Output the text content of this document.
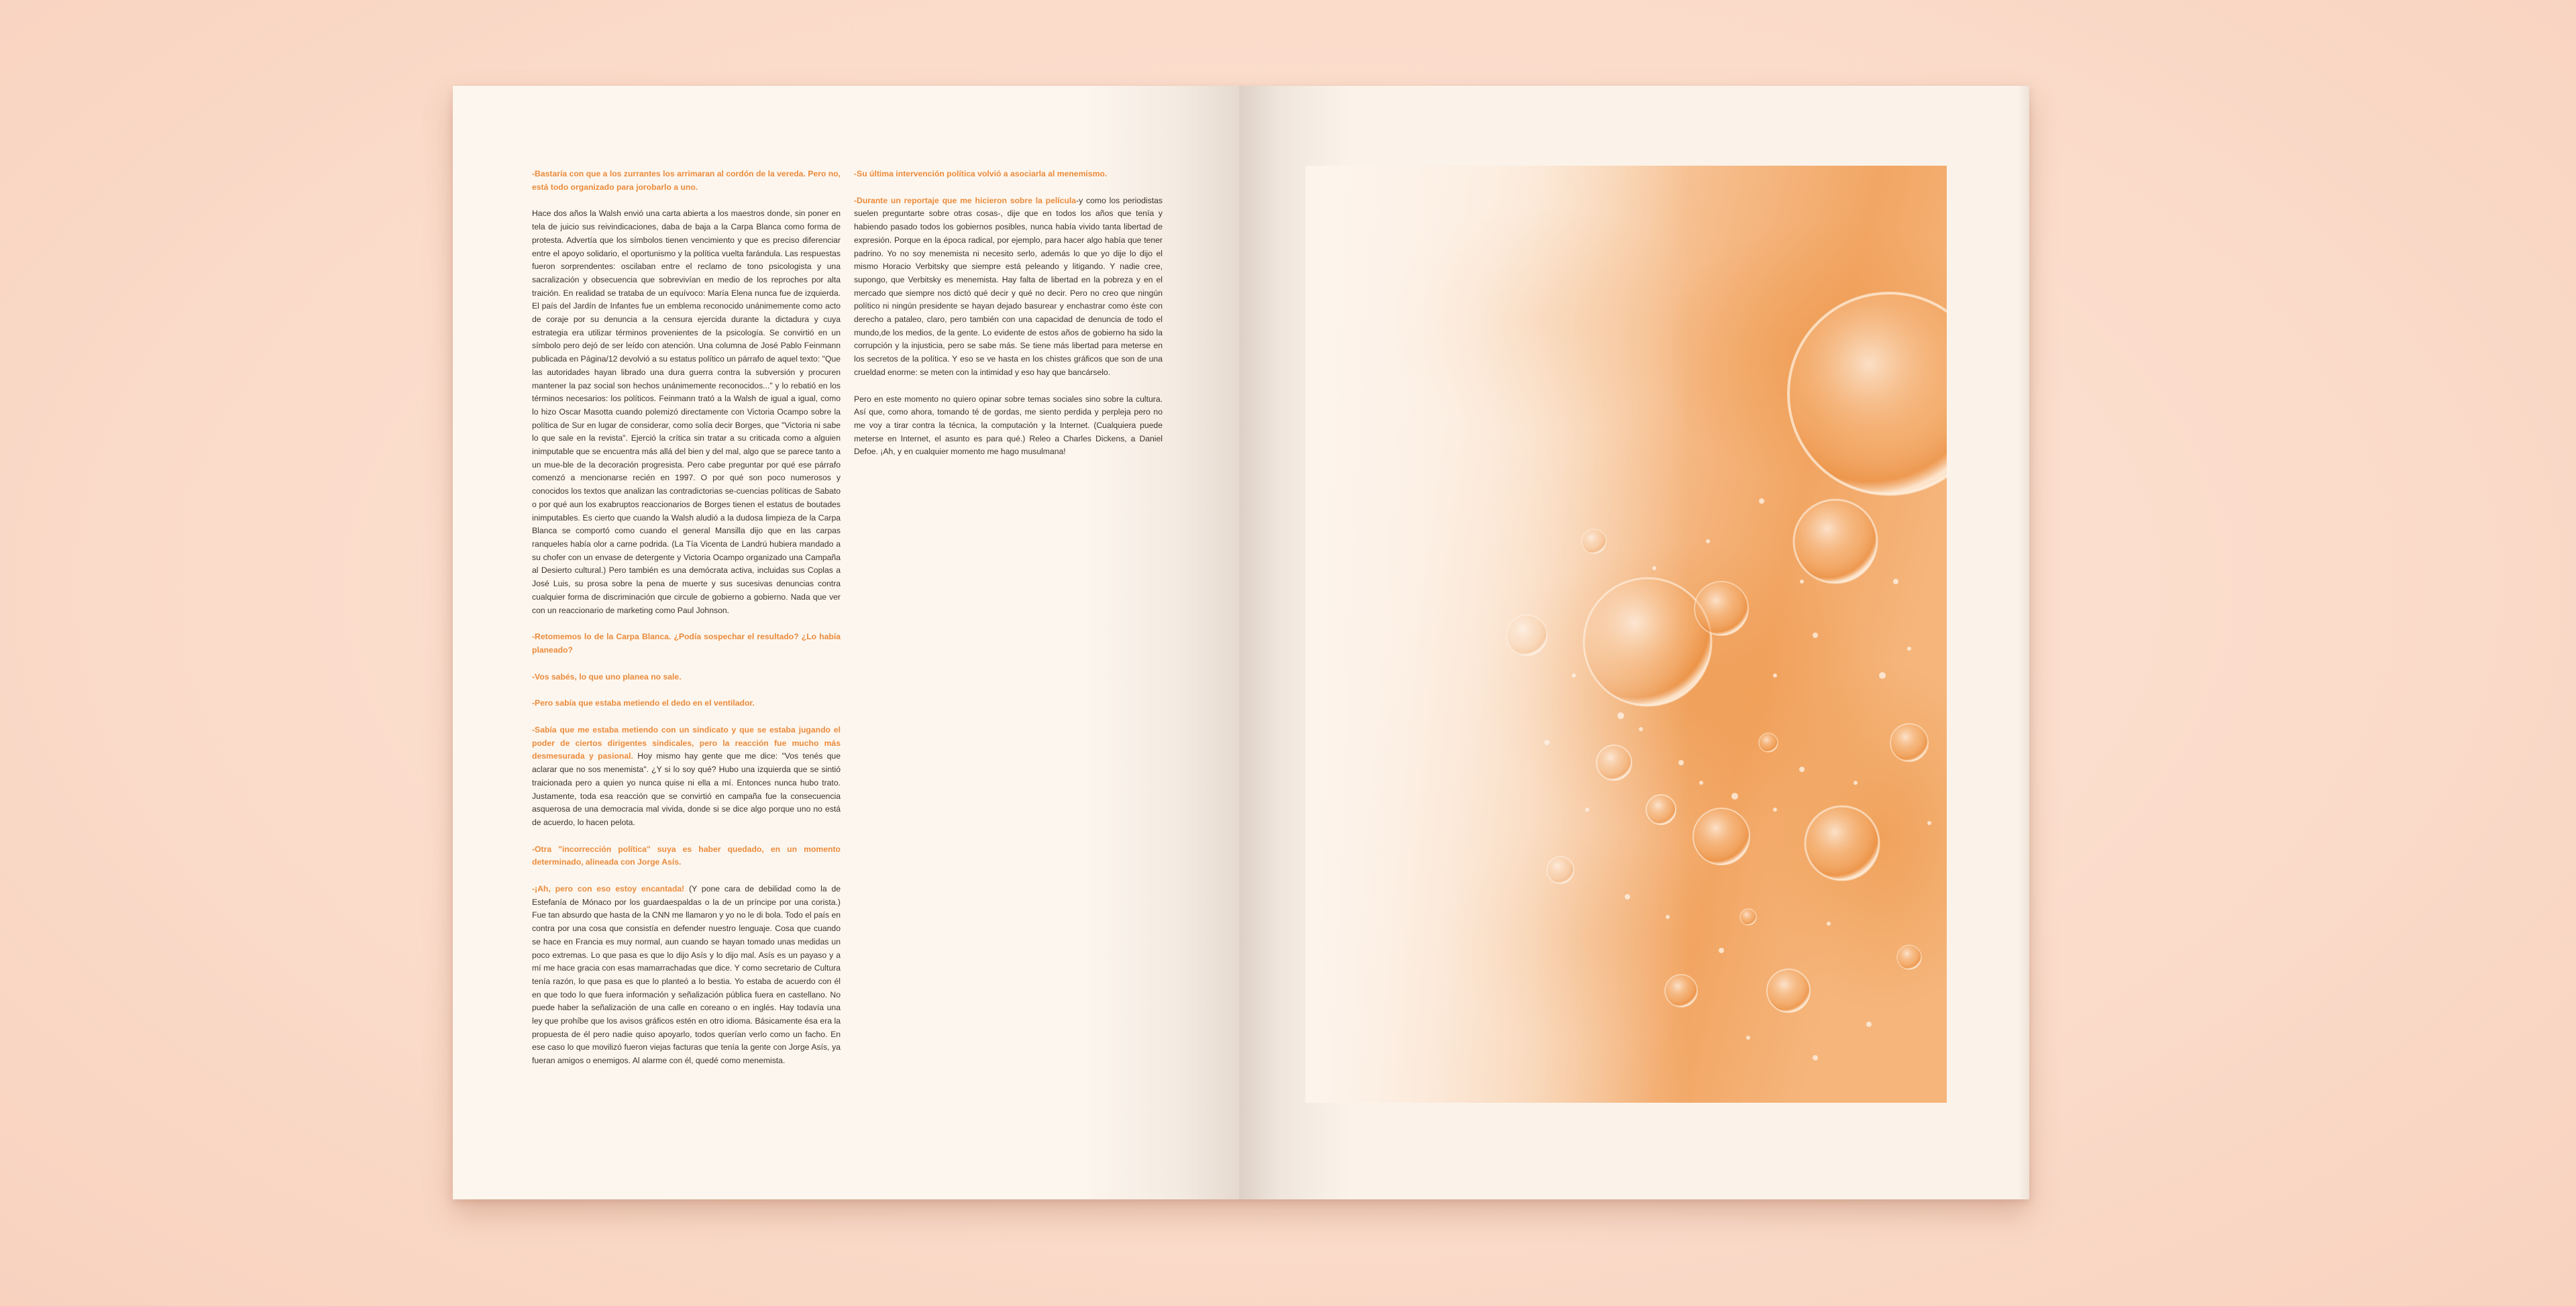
-Bastaría con que a los zurrantes los arrimaran al cordón de la vereda. Pero no, está todo organizado para jorobarlo a uno.

Hace dos años la Walsh envió una carta abierta a los maestros donde, sin poner en tela de juicio sus reivindicaciones, daba de baja a la Carpa Blanca como forma de protesta. Advertía que los símbolos tienen vencimiento y que es preciso diferenciar entre el apoyo solidario, el oportunismo y la política vuelta farándula. Las respuestas fueron sorprendentes: oscilaban entre el reclamo de tono psicologista y una sacralización y obsecuencia que sobrevivían en medio de los reproches por alta traición. En realidad se trataba de un equívoco: María Elena nunca fue de izquierda. El país del Jardín de Infantes fue un emblema reconocido unánimemente como acto de coraje por su denuncia a la censura ejercida durante la dictadura y cuya estrategia era utilizar términos provenientes de la psicología. Se convirtió en un símbolo pero dejó de ser leído con atención. Una columna de José Pablo Feinmann publicada en Página/12 devolvió a su estatus político un párrafo de aquel texto: "Que las autoridades hayan librado una dura guerra contra la subversión y procuren mantener la paz social son hechos unánimemente reconocidos..." y lo rebatió en los términos necesarios: los políticos. Feinmann trató a la Walsh de igual a igual, como lo hizo Oscar Masotta cuando polemizó directamente con Victoria Ocampo sobre la política de Sur en lugar de considerar, como solía decir Borges, que "Victoria ni sabe lo que sale en la revista". Ejerció la crítica sin tratar a su criticada como a alguien inimputable que se encuentra más allá del bien y del mal, algo que se parece tanto a un mue-ble de la decoración progresista. Pero cabe preguntar por qué ese párrafo comenzó a mencionarse recién en 1997. O por qué son poco numerosos y conocidos los textos que analizan las contradictorias se-cuencias políticas de Sabato o por qué aun los exabruptos reaccionarios de Borges tienen el estatus de boutades inimputables. Es cierto que cuando la Walsh aludió a la dudosa limpieza de la Carpa Blanca se comportó como cuando el general Mansilla dijo que en las carpas ranqueles había olor a carne podrida. (La Tía Vicenta de Landrú hubiera mandado a su chofer con un envase de detergente y Victoria Ocampo organizado una Campaña al Desierto cultural.) Pero también es una demócrata activa, incluidas sus Coplas a José Luis, su prosa sobre la pena de muerte y sus sucesivas denuncias contra cualquier forma de discriminación que circule de gobierno a gobierno. Nada que ver con un reaccionario de marketing como Paul Johnson.

-Retomemos lo de la Carpa Blanca. ¿Podía sospechar el resultado? ¿Lo había planeado?

-Vos sabés, lo que uno planea no sale.

-Pero sabía que estaba metiendo el dedo en el ventilador.

-Sabía que me estaba metiendo con un sindicato y que se estaba jugando el poder de ciertos dirigentes sindicales, pero la reacción fue mucho más desmesurada y pasional. Hoy mismo hay gente que me dice: "Vos tenés que aclarar que no sos menemista". ¿Y si lo soy qué? Hubo una izquierda que se sintió traicionada pero a quien yo nunca quise ni ella a mí. Entonces nunca hubo trato. Justamente, toda esa reacción que se convirtió en campaña fue la consecuencia asquerosa de una democracia mal vivida, donde si se dice algo porque uno no está de acuerdo, lo hacen pelota.

-Otra "incorrección política" suya es haber quedado, en un momento determinado, alineada con Jorge Asís.

-¡Ah, pero con eso estoy encantada! (Y pone cara de debilidad como la de Estefanía de Mónaco por los guardaespaldas o la de un príncipe por una corista.) Fue tan absurdo que hasta de la CNN me llamaron y yo no le di bola. Todo el país en contra por una cosa que consistía en defender nuestro lenguaje. Cosa que cuando se hace en Francia es muy normal, aun cuando se hayan tomado unas medidas un poco extremas. Lo que pasa es que lo dijo Asís y lo dijo mal. Asís es un payaso y a mí me hace gracia con esas mamarrachadas que dice. Y como secretario de Cultura tenía razón, lo que pasa es que lo planteó a lo bestia. Yo estaba de acuerdo con él en que todo lo que fuera información y señalización pública fuera en castellano. No puede haber la señalización de una calle en coreano o en inglés. Hay todavía una ley que prohíbe que los avisos gráficos estén en otro idioma. Básicamente ésa era la propuesta de él pero nadie quiso apoyarlo, todos querían verlo como un facho. En ese caso lo que movilizó fueron viejas facturas que tenía la gente con Jorge Asís, ya fueran amigos o enemigos. Al alarme con él, quedé como menemista.

-Su última intervención política volvió a asociarla al menemismo.

-Durante un reportaje que me hicieron sobre la película-y como los periodistas suelen preguntarte sobre otras cosas-, dije que en todos los años que tenía y habiendo pasado todos los gobiernos posibles, nunca había vivido tanta libertad de expresión. Porque en la época radical, por ejemplo, para hacer algo había que tener padrino. Yo no soy menemista ni necesito serlo, además lo que yo dije lo dijo el mismo Horacio Verbitsky que siempre está peleando y litigando. Y nadie cree, supongo, que Verbitsky es menemista. Hay falta de libertad en la pobreza y en el mercado que siempre nos dictó qué decir y qué no decir. Pero no creo que ningún político ni ningún presidente se hayan dejado basurear y enchastrar como éste con derecho a pataleo, claro, pero también con una capacidad de denuncia de todo el mundo,de los medios, de la gente. Lo evidente de estos años de gobierno ha sido la corrupción y la injusticia, pero se sabe más. Se tiene más libertad para meterse en los secretos de la política. Y eso se ve hasta en los chistes gráficos que son de una crueldad enorme: se meten con la intimidad y eso hay que bancárselo.

Pero en este momento no quiero opinar sobre temas sociales sino sobre la cultura. Así que, como ahora, tomando té de gordas, me siento perdida y perpleja pero no me voy a tirar contra la técnica, la computación y la Internet. (Cualquiera puede meterse en Internet, el asunto es para qué.) Releo a Charles Dickens, a Daniel Defoe. ¡Ah, y en cualquier momento me hago musulmana!
